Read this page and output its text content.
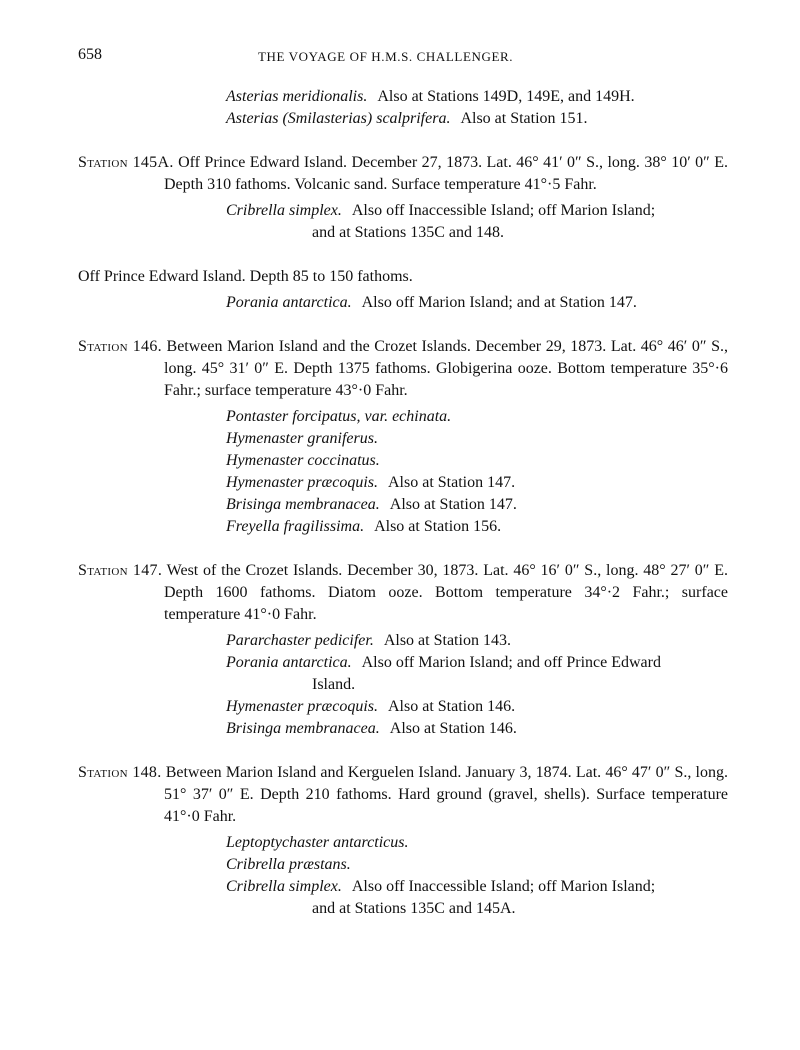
658	THE VOYAGE OF H.M.S. CHALLENGER.

Asterias meridionalis. Also at Stations 149D, 149E, and 149H.

Asterias (Smilasterias) scalprifera. Also at Station 151.

Station 145A. Off Prince Edward Island. December 27, 1873. Lat. 46° 41′ 0″ S., long. 38° 10′ 0″ E. Depth 310 fathoms. Volcanic sand. Surface temperature 41°·5 Fahr.

Cribrella simplex. Also off Inaccessible Island; off Marion Island;
and at Stations 135C and 148.

Off Prince Edward Island. Depth 85 to 150 fathoms.

Porania antarctica. Also off Marion Island; and at Station 147.

Station 146. Between Marion Island and the Crozet Islands. December 29, 1873. Lat. 46° 46′ 0″ S., long. 45° 31′ 0″ E. Depth 1375 fathoms. Globigerina ooze. Bottom temperature 35°·6 Fahr.; surface temperature 43°·0 Fahr.

Pontaster forcipatus, var. echinata.

Hymenaster graniferus.

Hymenaster coccinatus.

Hymenaster præcoquis. Also at Station 147.

Brisinga membranacea. Also at Station 147.

Freyella fragilissima. Also at Station 156.

Station 147. West of the Crozet Islands. December 30, 1873. Lat. 46° 16′ 0″ S., long. 48° 27′ 0″ E. Depth 1600 fathoms. Diatom ooze. Bottom temperature 34°·2 Fahr.; surface temperature 41°·0 Fahr.

Pararchaster pedicifer. Also at Station 143.

Porania antarctica. Also off Marion Island; and off Prince Edward
Island.

Hymenaster præcoquis. Also at Station 146.

Brisinga membranacea. Also at Station 146.

Station 148. Between Marion Island and Kerguelen Island. January 3, 1874. Lat. 46° 47′ 0″ S., long. 51° 37′ 0″ E. Depth 210 fathoms. Hard ground (gravel, shells). Surface temperature 41°·0 Fahr.

Leptoptychaster antarcticus.

Cribrella præstans.

Cribrella simplex. Also off Inaccessible Island; off Marion Island;
and at Stations 135C and 145A.
